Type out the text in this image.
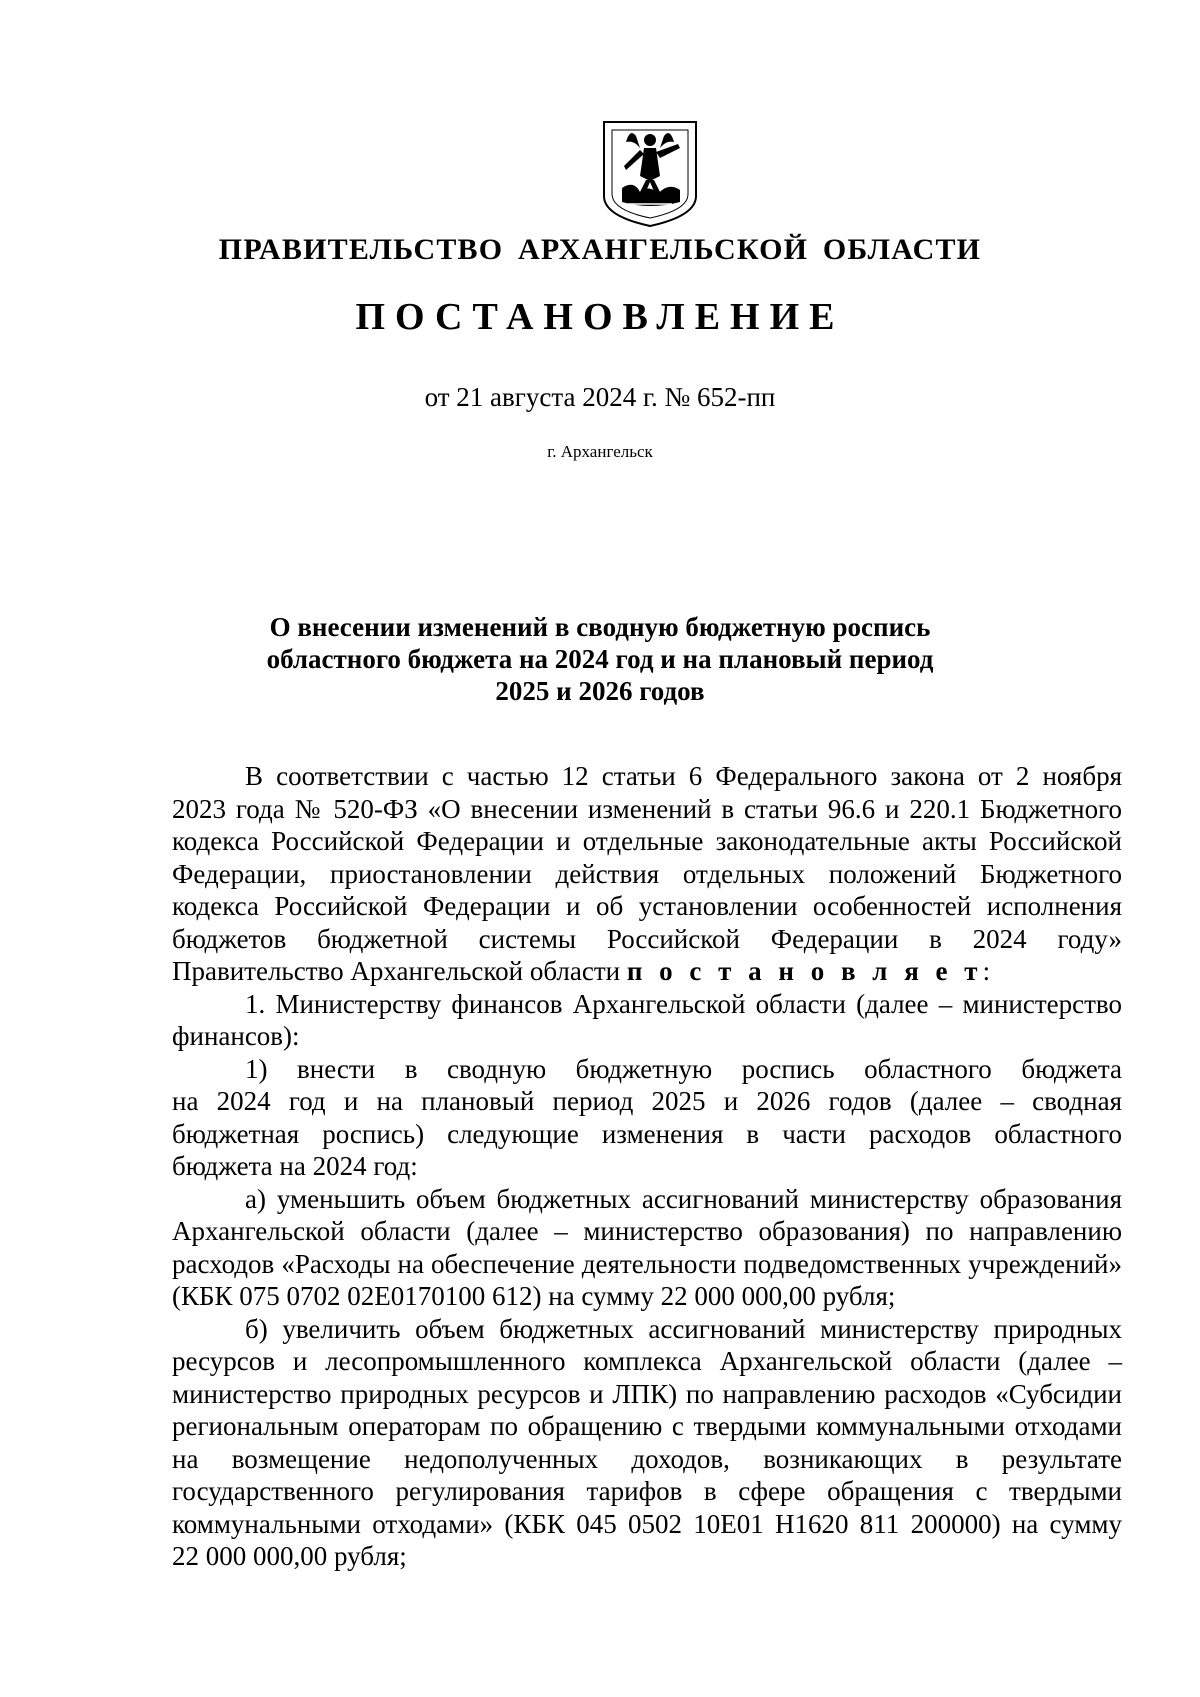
ПРАВИТЕЛЬСТВО АРХАНГЕЛЬСКОЙ ОБЛАСТИ
ПОСТАНОВЛЕНИЕ
от 21 августа 2024 г. № 652-пп
г. Архангельск
О внесении изменений в сводную бюджетную роспись
областного бюджета на 2024 год и на плановый период
2025 и 2026 годов
В соответствии с частью 12 статьи 6 Федерального закона от 2 ноября
2023 года № 520-ФЗ «О внесении изменений в статьи 96.6 и 220.1 Бюджетного
кодекса Российской Федерации и отдельные законодательные акты Российской
Федерации, приостановлении действия отдельных положений Бюджетного
кодекса Российской Федерации и об установлении особенностей исполнения
бюджетов бюджетной системы Российской Федерации в 2024 году»
Правительство Архангельской области п о с т а н о в л я е т:
1. Министерству финансов Архангельской области (далее – министерство
финансов):
1) внести в сводную бюджетную роспись областного бюджета
на 2024 год и на плановый период 2025 и 2026 годов (далее – сводная
бюджетная роспись) следующие изменения в части расходов областного
бюджета на 2024 год:
а) уменьшить объем бюджетных ассигнований министерству образования
Архангельской области (далее – министерство образования) по направлению
расходов «Расходы на обеспечение деятельности подведомственных учреждений»
(КБК 075 0702 02Е0170100 612) на сумму 22 000 000,00 рубля;
б) увеличить объем бюджетных ассигнований министерству природных
ресурсов и лесопромышленного комплекса Архангельской области (далее –
министерство природных ресурсов и ЛПК) по направлению расходов «Субсидии
региональным операторам по обращению с твердыми коммунальными отходами
на возмещение недополученных доходов, возникающих в результате
государственного регулирования тарифов в сфере обращения с твердыми
коммунальными отходами» (КБК 045 0502 10Е01 Н1620 811 200000) на сумму
22 000 000,00 рубля;
